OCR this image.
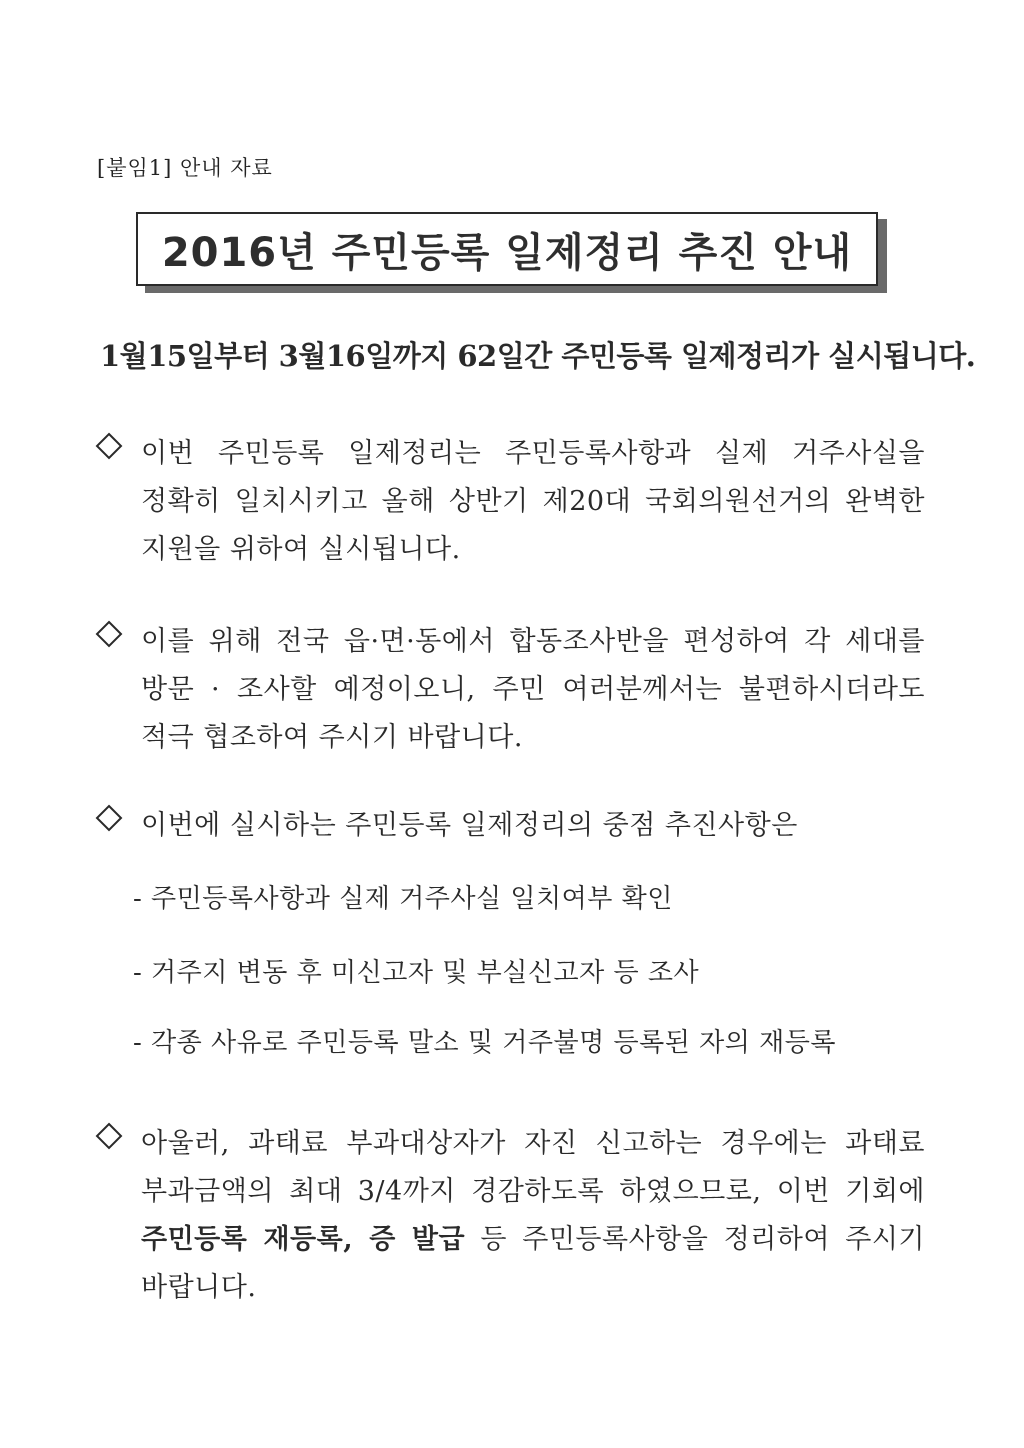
[붙임1] 안내 자료
2016년 주민등록 일제정리 추진 안내
1월15일부터 3월16일까지 62일간 주민등록 일제정리가 실시됩니다.
이번 주민등록 일제정리는 주민등록사항과 실제 거주사실을
정확히 일치시키고 올해 상반기 제20대 국회의원선거의 완벽한
지원을 위하여 실시됩니다.
이를 위해 전국 읍·면·동에서 합동조사반을 편성하여 각 세대를
방문 · 조사할 예정이오니, 주민 여러분께서는 불편하시더라도
적극 협조하여 주시기 바랍니다.
이번에 실시하는 주민등록 일제정리의 중점 추진사항은
- 주민등록사항과 실제 거주사실 일치여부 확인
- 거주지 변동 후 미신고자 및 부실신고자 등 조사
- 각종 사유로 주민등록 말소 및 거주불명 등록된 자의 재등록
아울러, 과태료 부과대상자가 자진 신고하는 경우에는 과태료
부과금액의 최대 3/4까지 경감하도록 하였으므로, 이번 기회에
주민등록 재등록, 증 발급 등 주민등록사항을 정리하여 주시기
바랍니다.
